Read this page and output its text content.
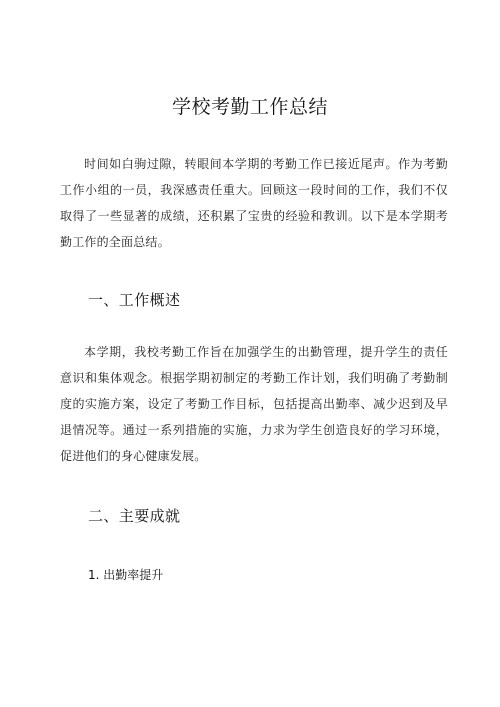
学校考勤工作总结

时间如白驹过隙，转眼间本学期的考勤工作已接近尾声。作为考勤工作小组的一员，我深感责任重大。回顾这一段时间的工作，我们不仅取得了一些显著的成绩，还积累了宝贵的经验和教训。以下是本学期考勤工作的全面总结。

一、工作概述

本学期，我校考勤工作旨在加强学生的出勤管理，提升学生的责任意识和集体观念。根据学期初制定的考勤工作计划，我们明确了考勤制度的实施方案，设定了考勤工作目标，包括提高出勤率、减少迟到及早退情况等。通过一系列措施的实施，力求为学生创造良好的学习环境，促进他们的身心健康发展。

二、主要成就
1. 出勤率提升
